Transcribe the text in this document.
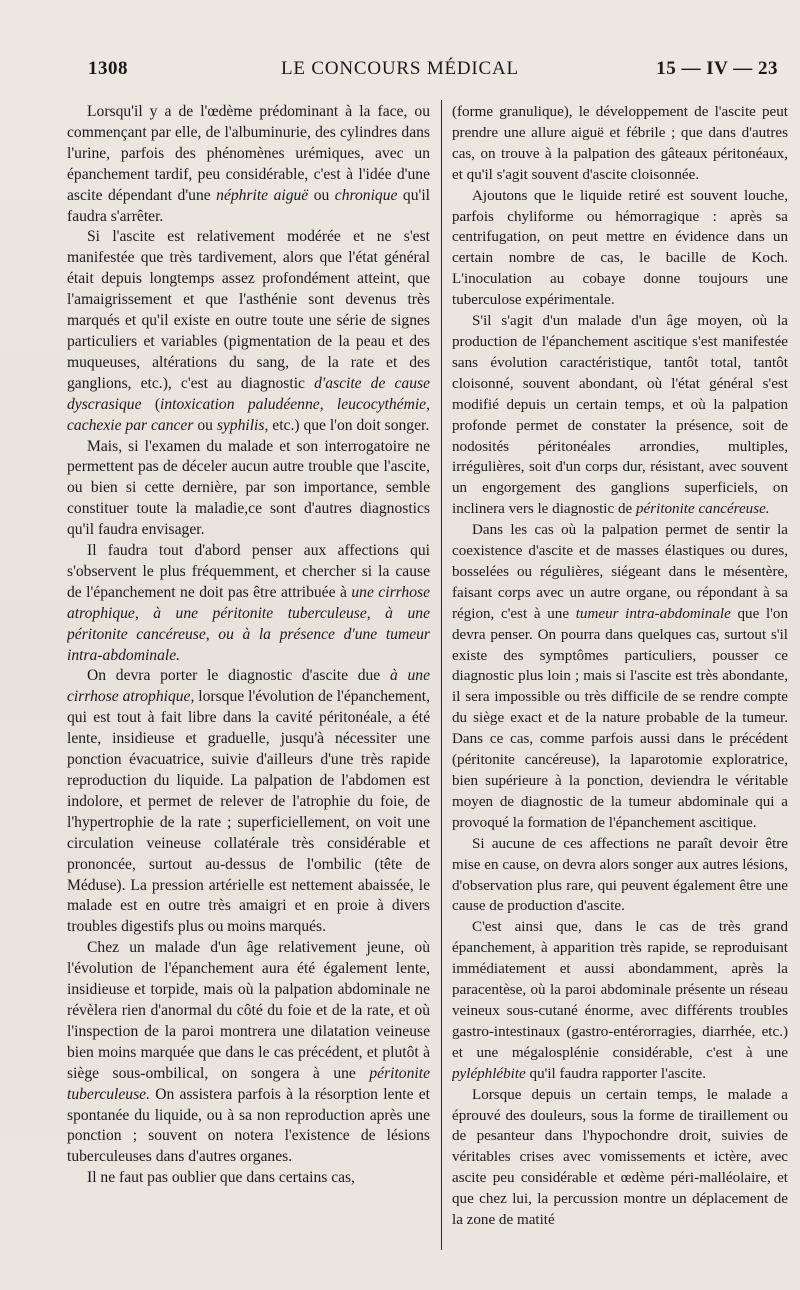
1308	LE CONCOURS MÉDICAL	15 — IV — 23

Lorsqu'il y a de l'œdème prédominant à la face, ou commençant par elle, de l'albuminurie, des cylindres dans l'urine, parfois des phénomènes urémiques, avec un épanchement tardif, peu considérable, c'est à l'idée d'une ascite dépendant d'une néphrite aiguë ou chronique qu'il faudra s'arrêter.

Si l'ascite est relativement modérée et ne s'est manifestée que très tardivement, alors que l'état général était depuis longtemps assez profondément atteint, que l'amaigrissement et que l'asthénie sont devenus très marqués et qu'il existe en outre toute une série de signes particuliers et variables (pigmentation de la peau et des muqueuses, altérations du sang, de la rate et des ganglions, etc.), c'est au diagnostic d'ascite de cause dyscrasique (intoxication paludéenne, leucocythémie, cachexie par cancer ou syphilis, etc.) que l'on doit songer.

Mais, si l'examen du malade et son interrogatoire ne permettent pas de déceler aucun autre trouble que l'ascite, ou bien si cette dernière, par son importance, semble constituer toute la maladie,ce sont d'autres diagnostics qu'il faudra envisager.

Il faudra tout d'abord penser aux affections qui s'observent le plus fréquemment, et chercher si la cause de l'épanchement ne doit pas être attribuée à une cirrhose atrophique, à une péritonite tuberculeuse, à une péritonite cancéreuse, ou à la présence d'une tumeur intra-abdominale.

On devra porter le diagnostic d'ascite due à une cirrhose atrophique, lorsque l'évolution de l'épanchement, qui est tout à fait libre dans la cavité péritonéale, a été lente, insidieuse et graduelle, jusqu'à nécessiter une ponction évacuatrice, suivie d'ailleurs d'une très rapide reproduction du liquide. La palpation de l'abdomen est indolore, et permet de relever de l'atrophie du foie, de l'hypertrophie de la rate ; superficiellement, on voit une circulation veineuse collatérale très considérable et prononcée, surtout au-dessus de l'ombilic (tête de Méduse). La pression artérielle est nettement abaissée, le malade est en outre très amaigri et en proie à divers troubles digestifs plus ou moins marqués.

Chez un malade d'un âge relativement jeune, où l'évolution de l'épanchement aura été également lente, insidieuse et torpide, mais où la palpation abdominale ne révèlera rien d'anormal du côté du foie et de la rate, et où l'inspection de la paroi montrera une dilatation veineuse bien moins marquée que dans le cas précédent, et plutôt à siège sous-ombilical, on songera à une péritonite tuberculeuse. On assistera parfois à la résorption lente et spontanée du liquide, ou à sa non reproduction après une ponction ; souvent on notera l'existence de lésions tuberculeuses dans d'autres organes.

Il ne faut pas oublier que dans certains cas,

(forme granulique), le développement de l'ascite peut prendre une allure aiguë et fébrile ; que dans d'autres cas, on trouve à la palpation des gâteaux péritonéaux, et qu'il s'agit souvent d'ascite cloisonnée.

Ajoutons que le liquide retiré est souvent louche, parfois chyliforme ou hémorragique : après sa centrifugation, on peut mettre en évidence dans un certain nombre de cas, le bacille de Koch. L'inoculation au cobaye donne toujours une tuberculose expérimentale.

S'il s'agit d'un malade d'un âge moyen, où la production de l'épanchement ascitique s'est manifestée sans évolution caractéristique, tantôt total, tantôt cloisonné, souvent abondant, où l'état général s'est modifié depuis un certain temps, et où la palpation profonde permet de constater la présence, soit de nodosités péritonéales arrondies, multiples, irrégulières, soit d'un corps dur, résistant, avec souvent un engorgement des ganglions superficiels, on inclinera vers le diagnostic de péritonite cancéreuse.

Dans les cas où la palpation permet de sentir la coexistence d'ascite et de masses élastiques ou dures, bosselées ou régulières, siégeant dans le mésentère, faisant corps avec un autre organe, ou répondant à sa région, c'est à une tumeur intra-abdominale que l'on devra penser. On pourra dans quelques cas, surtout s'il existe des symptômes particuliers, pousser ce diagnostic plus loin ; mais si l'ascite est très abondante, il sera impossible ou très difficile de se rendre compte du siège exact et de la nature probable de la tumeur. Dans ce cas, comme parfois aussi dans le précédent (péritonite cancéreuse), la laparotomie exploratrice, bien supérieure à la ponction, deviendra le véritable moyen de diagnostic de la tumeur abdominale qui a provoqué la formation de l'épanchement ascitique.

Si aucune de ces affections ne paraît devoir être mise en cause, on devra alors songer aux autres lésions, d'observation plus rare, qui peuvent également être une cause de production d'ascite.

C'est ainsi que, dans le cas de très grand épanchement, à apparition très rapide, se reproduisant immédiatement et aussi abondamment, après la paracentèse, où la paroi abdominale présente un réseau veineux sous-cutané énorme, avec différents troubles gastro-intestinaux (gastro-entérorragies, diarrhée, etc.) et une mégalosplénie considérable, c'est à une pyléphlébite qu'il faudra rapporter l'ascite.

Lorsque depuis un certain temps, le malade a éprouvé des douleurs, sous la forme de tiraillement ou de pesanteur dans l'hypochondre droit, suivies de véritables crises avec vomissements et ictère, avec ascite peu considérable et œdème péri-malléolaire, et que chez lui, la percussion montre un déplacement de la zone de matité
